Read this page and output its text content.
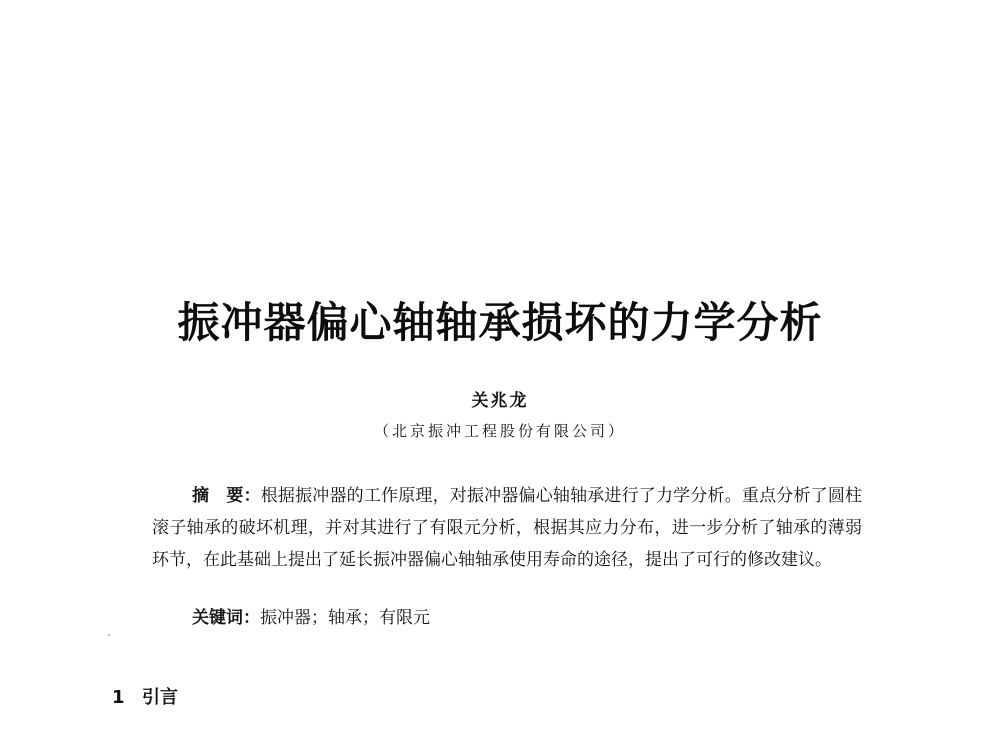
振冲器偏心轴轴承损坏的力学分析
关兆龙
（北京振冲工程股份有限公司）

摘　要：根据振冲器的工作原理，对振冲器偏心轴轴承进行了力学分析。重点分析了圆柱滚子轴承的破坏机理，并对其进行了有限元分析，根据其应力分布，进一步分析了轴承的薄弱环节，在此基础上提出了延长振冲器偏心轴轴承使用寿命的途径，提出了可行的修改建议。

关键词：振冲器；轴承；有限元

1 引言
